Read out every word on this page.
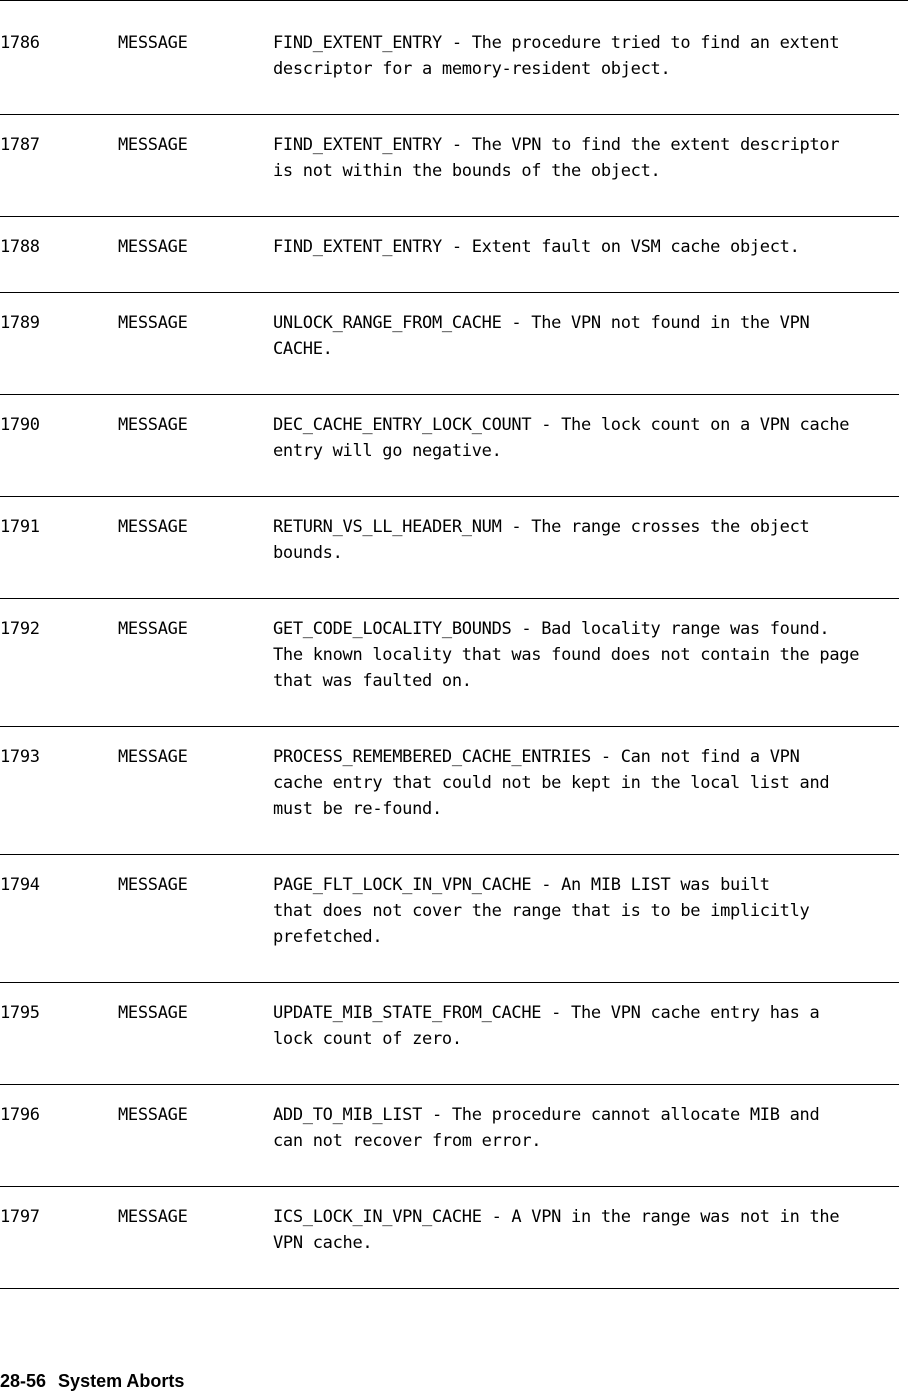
1786	MESSAGE	FIND_EXTENT_ENTRY - The procedure tried to find an extent
descriptor for a memory-resident object.
1787	MESSAGE	FIND_EXTENT_ENTRY - The VPN to find the extent descriptor
is not within the bounds of the object.
1788	MESSAGE	FIND_EXTENT_ENTRY - Extent fault on VSM cache object.
1789	MESSAGE	UNLOCK_RANGE_FROM_CACHE - The VPN not found in the VPN
CACHE.
1790	MESSAGE	DEC_CACHE_ENTRY_LOCK_COUNT - The lock count on a VPN cache
entry will go negative.
1791	MESSAGE	RETURN_VS_LL_HEADER_NUM - The range crosses the object
bounds.
1792	MESSAGE	GET_CODE_LOCALITY_BOUNDS - Bad locality range was found.
The known locality that was found does not contain the page
that was faulted on.
1793	MESSAGE	PROCESS_REMEMBERED_CACHE_ENTRIES - Can not find a VPN
cache entry that could not be kept in the local list and
must be re-found.
1794	MESSAGE	PAGE_FLT_LOCK_IN_VPN_CACHE - An MIB LIST was built
that does not cover the range that is to be implicitly
prefetched.
1795	MESSAGE	UPDATE_MIB_STATE_FROM_CACHE - The VPN cache entry has a
lock count of zero.
1796	MESSAGE	ADD_TO_MIB_LIST - The procedure cannot allocate MIB and
can not recover from error.
1797	MESSAGE	ICS_LOCK_IN_VPN_CACHE - A VPN in the range was not in the
VPN cache.
28-56 System Aborts
